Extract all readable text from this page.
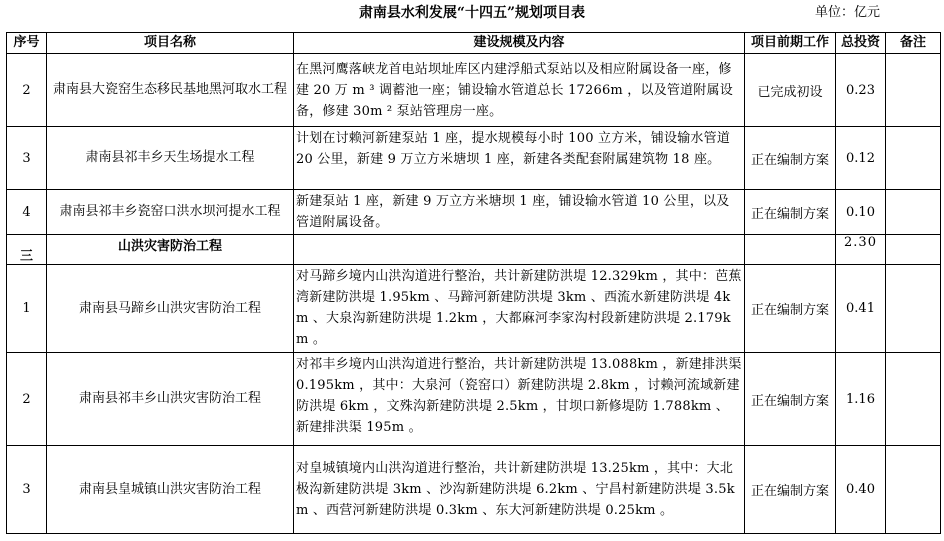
肃南县水利发展“十四五”规划项目表	单位：亿元
序号	项目名称	建设规模及内容	项目前期工作	总投资	备注
2	肃南县大瓷窑生态移民基地黑河取水工程	在黑河鹰落峡龙首电站坝址库区内建浮船式泵站以及相应附属设备一座，修建 20 万 m ³ 调蓄池一座；铺设输水管道总长 17266m ，以及管道附属设备，修建 30m ² 泵站管理房一座。	已完成初设	0.23	
3	肃南县祁丰乡天生场提水工程	计划在讨赖河新建泵站 1 座，提水规模每小时 100 立方米，铺设输水管道 20 公里，新建 9 万立方米塘坝 1 座，新建各类配套附属建筑物 18 座。	正在编制方案	0.12	
4	肃南县祁丰乡瓷窑口洪水坝河提水工程	新建泵站 1 座，新建 9 万立方米塘坝 1 座，铺设输水管道 10 公里，以及管道附属设备。	正在编制方案	0.10	
三	山洪灾害防治工程			2.30	
1	肃南县马蹄乡山洪灾害防治工程	对马蹄乡境内山洪沟道进行整治，共计新建防洪堤 12.329km ，其中：芭蕉湾新建防洪堤 1.95km 、马蹄河新建防洪堤 3km 、西流水新建防洪堤 4km 、大泉沟新建防洪堤 1.2km ，大都麻河李家沟村段新建防洪堤 2.179km 。	正在编制方案	0.41	
2	肃南县祁丰乡山洪灾害防治工程	对祁丰乡境内山洪沟道进行整治，共计新建防洪堤 13.088km ，新建排洪渠 0.195km ，其中：大泉河（瓷窑口）新建防洪堤 2.8km ，讨赖河流域新建防洪堤 6km ，文殊沟新建防洪堤 2.5km ，甘坝口新修堤防 1.788km 、新建排洪渠 195m 。	正在编制方案	1.16	
3	肃南县皇城镇山洪灾害防治工程	对皇城镇境内山洪沟道进行整治，共计新建防洪堤 13.25km ，其中：大北极沟新建防洪堤 3km 、沙沟新建防洪堤 6.2km 、宁昌村新建防洪堤 3.5km 、西营河新建防洪堤 0.3km 、东大河新建防洪堤 0.25km 。	正在编制方案	0.40	
